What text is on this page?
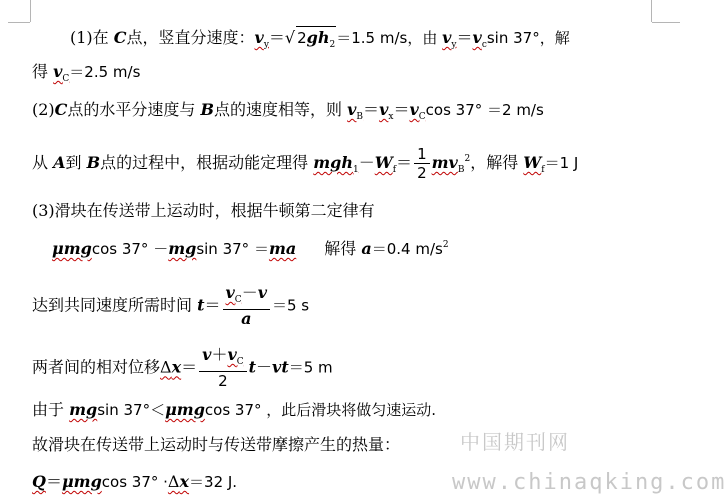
(1)在 C点，竖直分速度：$v_y=√$ $2gh_2=1.5$ m/s，由 $v_y=v_c\sin$ 37°，解
得 $v_C=2.5$ m/s
(2)C点的水平分速度与 B点的速度相等，则 $v_B=v_x=v_C\cos$ 37° ＝2 m/s
从 A到 B点的过程中，根据动能定理得 $mgh_1-W_f= \frac{1}{2} mv_B^2$，解得 $W_f=1$ J
(3)滑块在传送带上运动时，根据牛顿第二定律有
μmgcos 37° －mgsin 37° ＝ma 解得 a＝0.4 $m/s^2$
达到共同速度所需时间 $t= \frac{v_C-v}{a} =5$ s
两者间的相对位移$\Delta x= \frac{v+v_C}{2} t-vt=5$ m
由于 mgsin 37°＜μmgcos 37° ，此后滑块将做匀速运动.
故滑块在传送带上运动时与传送带摩擦产生的热量：
Q＝μmgcos 37° ·Δx＝32 J.
中国期刊网
www.chinaqking.com
